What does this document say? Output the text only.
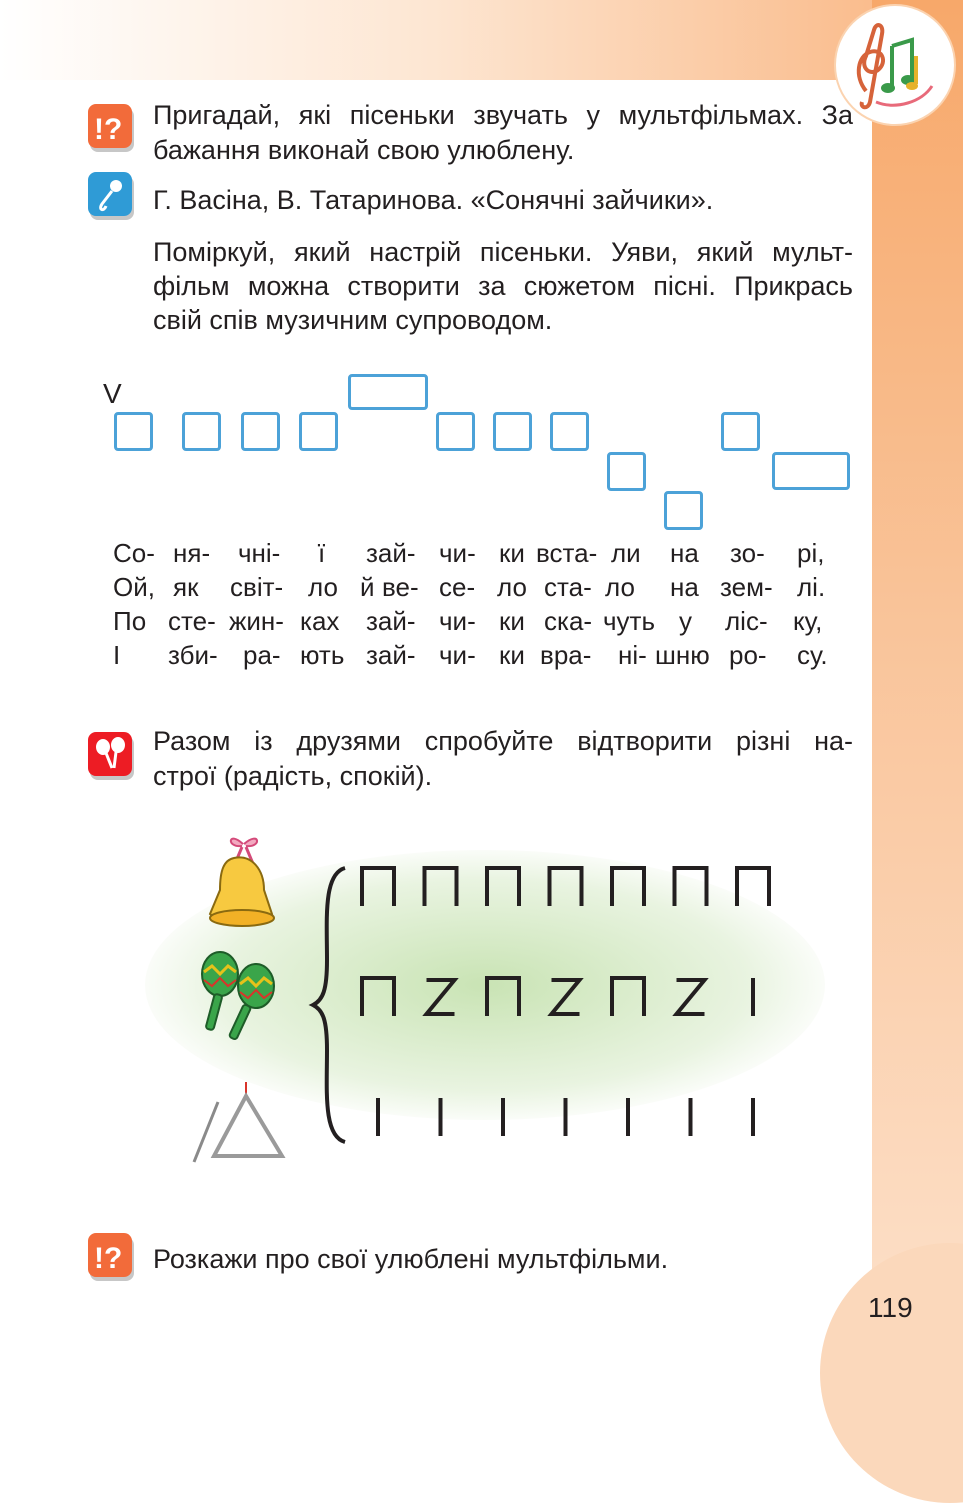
!? Пригадай, які пісеньки звучать у мультфільмах. За
бажання виконай свою улюблену.
Г. Васіна, В. Татаринова. «Сонячні зайчики».
Поміркуй, який настрій пісеньки. Уяви, який мульт-
фільм можна створити за сюжетом пісні. Прикрась
свій спів музичним супроводом.
V
Со- ня- чні- ї зай- чи- ки вста- ли на зо- рі,
Ой, як світ- ло й ве- се- ло ста- ло на зем- лі.
По сте- жин- ках зай- чи- ки ска- чуть у ліс- ку,
І зби- ра- ють зай- чи- ки вра- ні- шню ро- су.
Разом із друзями спробуйте відтворити різні на-
строї (радість, спокій).
!? Розкажи про свої улюблені мультфільми.
119
